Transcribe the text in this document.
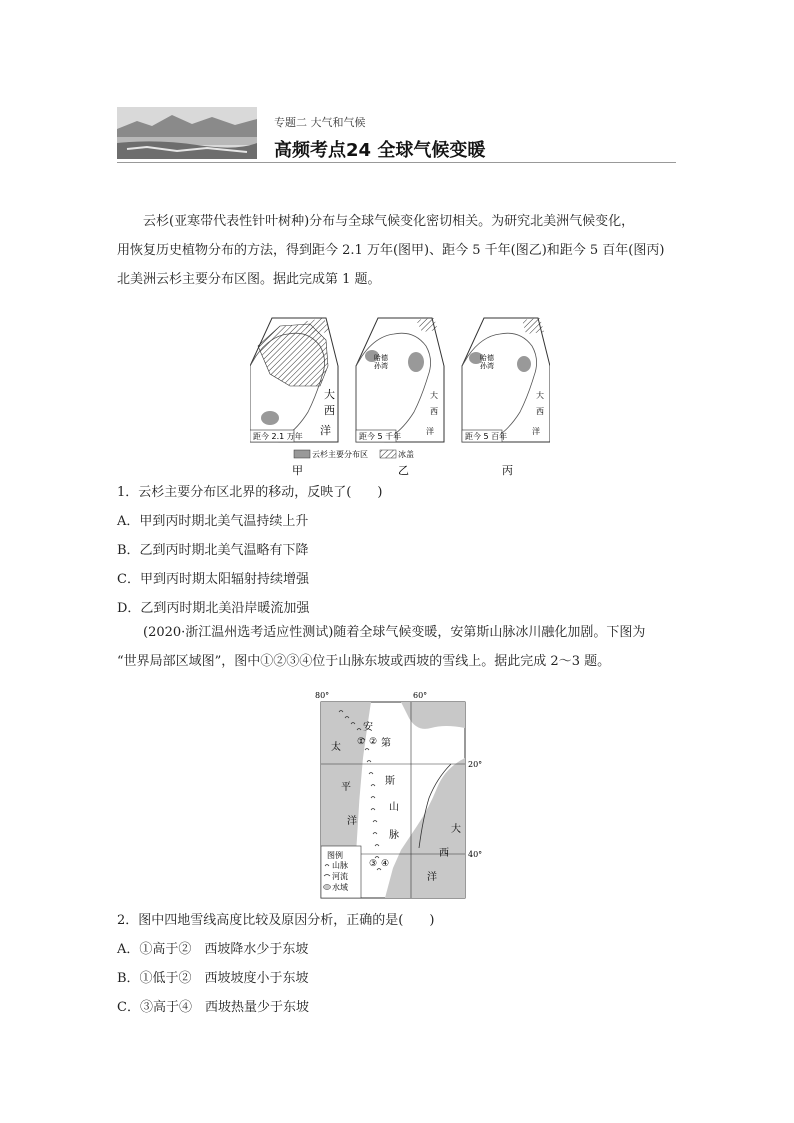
专题二 大气和气候
高频考点24 全球气候变暖
云杉(亚寒带代表性针叶树种)分布与全球气候变化密切相关。为研究北美洲气候变化，
用恢复历史植物分布的方法，得到距今 2.1 万年(图甲)、距今 5 千年(图乙)和距今 5 百年(图丙)
北美洲云杉主要分布区图。据此完成第 1 题。
大
西
洋
距今 2.1 万年
哈德
孙湾
大
西
洋
距今 5 千年
哈德
孙湾
大
西
洋
距今 5 百年
云杉主要分布区	冰盖
甲	乙	丙
1．云杉主要分布区北界的移动，反映了(　　)
A．甲到丙时期北美气温持续上升
B．乙到丙时期北美气温略有下降
C．甲到丙时期太阳辐射持续增强
D．乙到丙时期北美沿岸暖流加强
(2020·浙江温州选考适应性测试)随着全球气候变暖，安第斯山脉冰川融化加剧。下图为
“世界局部区域图”，图中①②③④位于山脉东坡或西坡的雪线上。据此完成 2～3 题。
80°	60°
20°
40°
太
平
洋
大
西
洋
安
第
斯
山
脉
① ②
③ ④
图例
山脉
河流
水域
2．图中四地雪线高度比较及原因分析，正确的是(　　)
A．①高于②　西坡降水少于东坡
B．①低于②　西坡坡度小于东坡
C．③高于④　西坡热量少于东坡
